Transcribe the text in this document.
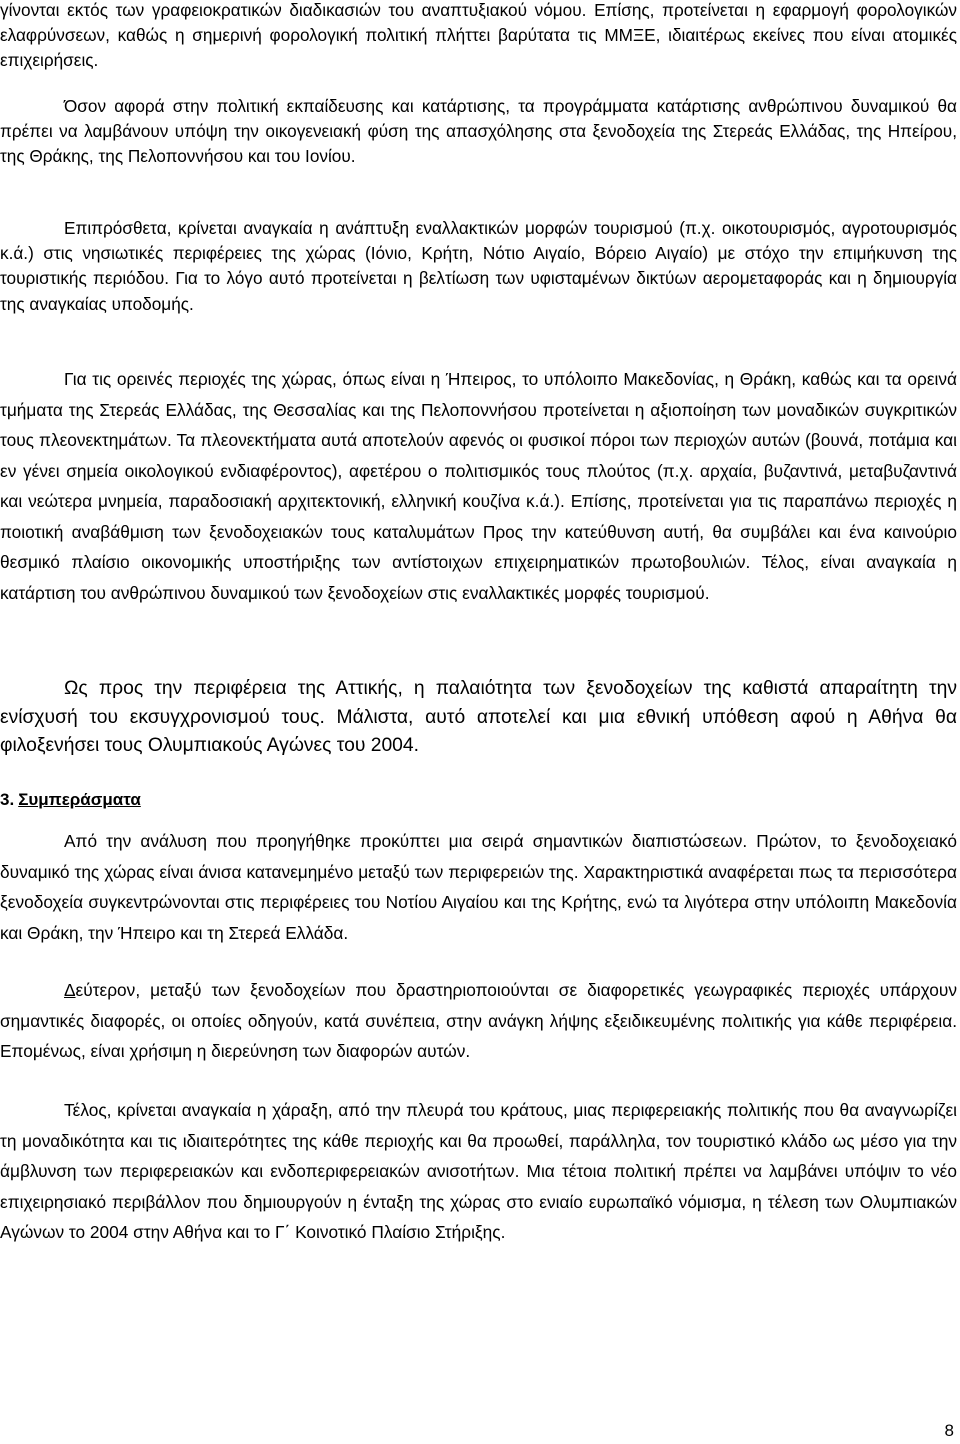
γίνονται εκτός των γραφειοκρατικών διαδικασιών του αναπτυξιακού νόμου. Επίσης, προτείνεται η εφαρμογή φορολογικών ελαφρύνσεων, καθώς η σημερινή φορολογική πολιτική πλήττει βαρύτατα τις ΜΜΞΕ, ιδιαιτέρως εκείνες που είναι ατομικές επιχειρήσεις.

Όσον αφορά στην πολιτική εκπαίδευσης και κατάρτισης, τα προγράμματα κατάρτισης ανθρώπινου δυναμικού θα πρέπει να λαμβάνουν υπόψη την οικογενειακή φύση της απασχόλησης στα ξενοδοχεία της Στερεάς Ελλάδας, της Ηπείρου, της Θράκης, της Πελοποννήσου και του Ιονίου.

Επιπρόσθετα, κρίνεται αναγκαία η ανάπτυξη εναλλακτικών μορφών τουρισμού (π.χ. οικοτουρισμός, αγροτουρισμός κ.ά.) στις νησιωτικές περιφέρειες της χώρας (Ιόνιο, Κρήτη, Νότιο Αιγαίο, Βόρειο Αιγαίο) με στόχο την επιμήκυνση της τουριστικής περιόδου. Για το λόγο αυτό προτείνεται η βελτίωση των υφισταμένων δικτύων αερομεταφοράς και η δημιουργία της αναγκαίας υποδομής.

Για τις ορεινές περιοχές της χώρας, όπως είναι η Ήπειρος, το υπόλοιπο Μακεδονίας, η Θράκη, καθώς και τα ορεινά τμήματα της Στερεάς Ελλάδας, της Θεσσαλίας και της Πελοποννήσου προτείνεται η αξιοποίηση των μοναδικών συγκριτικών τους πλεονεκτημάτων. Τα πλεονεκτήματα αυτά αποτελούν αφενός οι φυσικοί πόροι των περιοχών αυτών (βουνά, ποτάμια και εν γένει σημεία οικολογικού ενδιαφέροντος), αφετέρου ο πολιτισμικός τους πλούτος (π.χ. αρχαία, βυζαντινά, μεταβυζαντινά και νεώτερα μνημεία, παραδοσιακή αρχιτεκτονική, ελληνική κουζίνα κ.ά.). Επίσης, προτείνεται για τις παραπάνω περιοχές η ποιοτική αναβάθμιση των ξενοδοχειακών τους καταλυμάτων Προς την κατεύθυνση αυτή, θα συμβάλει και ένα καινούριο θεσμικό πλαίσιο οικονομικής υποστήριξης των αντίστοιχων επιχειρηματικών πρωτοβουλιών. Τέλος, είναι αναγκαία η κατάρτιση του ανθρώπινου δυναμικού των ξενοδοχείων στις εναλλακτικές μορφές τουρισμού.

Ως προς την περιφέρεια της Αττικής, η παλαιότητα των ξενοδοχείων της καθιστά απαραίτητη την ενίσχυσή του εκσυγχρονισμού τους. Μάλιστα, αυτό αποτελεί και μια εθνική υπόθεση αφού η Αθήνα θα φιλοξενήσει τους Ολυμπιακούς Αγώνες του 2004.

3. Συμπεράσματα

Από την ανάλυση που προηγήθηκε προκύπτει μια σειρά σημαντικών διαπιστώσεων. Πρώτον, το ξενοδοχειακό δυναμικό της χώρας είναι άνισα κατανεμημένο μεταξύ των περιφερειών της. Χαρακτηριστικά αναφέρεται πως τα περισσότερα ξενοδοχεία συγκεντρώνονται στις περιφέρειες του Νοτίου Αιγαίου και της Κρήτης, ενώ τα λιγότερα στην υπόλοιπη Μακεδονία και Θράκη, την Ήπειρο και τη Στερεά Ελλάδα.

Δεύτερον, μεταξύ των ξενοδοχείων που δραστηριοποιούνται σε διαφορετικές γεωγραφικές περιοχές υπάρχουν σημαντικές διαφορές, οι οποίες οδηγούν, κατά συνέπεια, στην ανάγκη λήψης εξειδικευμένης πολιτικής για κάθε περιφέρεια. Επομένως, είναι χρήσιμη η διερεύνηση των διαφορών αυτών.

Τέλος, κρίνεται αναγκαία η χάραξη, από την πλευρά του κράτους, μιας περιφερειακής πολιτικής που θα αναγνωρίζει τη μοναδικότητα και τις ιδιαιτερότητες της κάθε περιοχής και θα προωθεί, παράλληλα, τον τουριστικό κλάδο ως μέσο για την άμβλυνση των περιφερειακών και ενδοπεριφερειακών ανισοτήτων. Μια τέτοια πολιτική πρέπει να λαμβάνει υπόψιν το νέο επιχειρησιακό περιβάλλον που δημιουργούν η ένταξη της χώρας στο ενιαίο ευρωπαϊκό νόμισμα, η τέλεση των Ολυμπιακών Αγώνων το 2004 στην Αθήνα και το Γ΄ Κοινοτικό Πλαίσιο Στήριξης.

8
